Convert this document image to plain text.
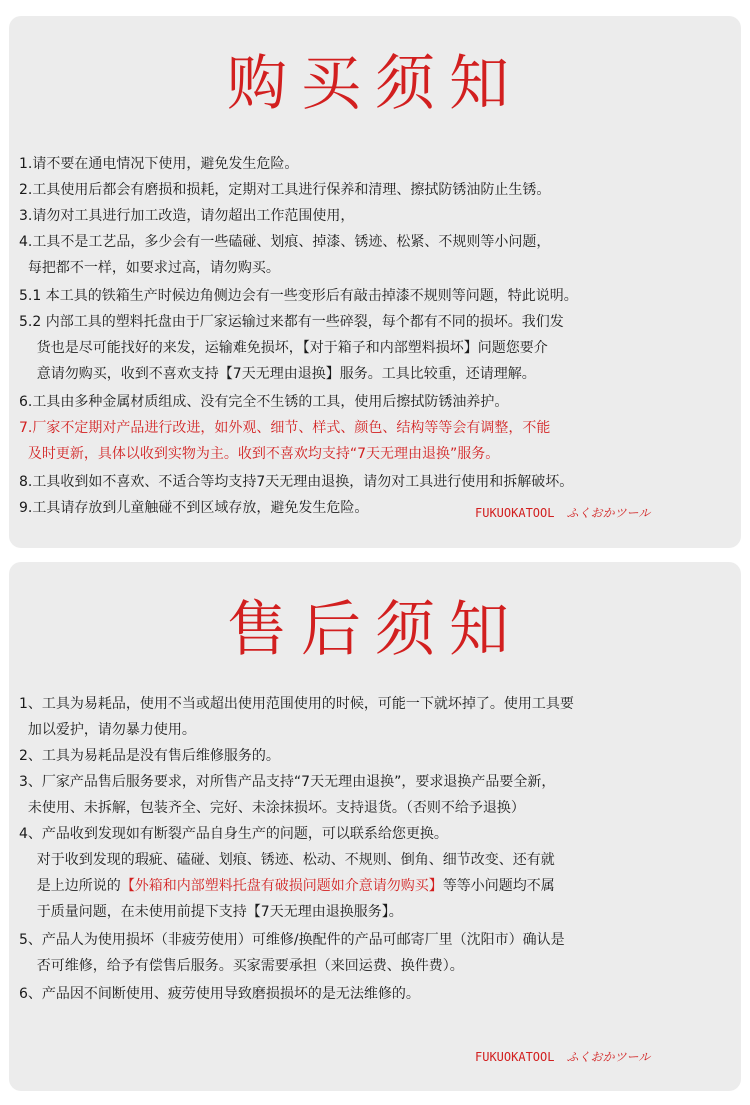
购买须知
1.请不要在通电情况下使用，避免发生危险。
2.工具使用后都会有磨损和损耗，定期对工具进行保养和清理、擦拭防锈油防止生锈。
3.请勿对工具进行加工改造，请勿超出工作范围使用，
4.工具不是工艺品，多少会有一些磕碰、划痕、掉漆、锈迹、松紧、不规则等小问题，
每把都不一样，如要求过高，请勿购买。
5.1 本工具的铁箱生产时候边角侧边会有一些变形后有敲击掉漆不规则等问题，特此说明。
5.2 内部工具的塑料托盘由于厂家运输过来都有一些碎裂，每个都有不同的损坏。我们发
货也是尽可能找好的来发，运输难免损坏，【对于箱子和内部塑料损坏】问题您要介
意请勿购买，收到不喜欢支持【7天无理由退换】服务。工具比较重，还请理解。
6.工具由多种金属材质组成、没有完全不生锈的工具，使用后擦拭防锈油养护。
7.厂家不定期对产品进行改进，如外观、细节、样式、颜色、结构等等会有调整，不能
及时更新，具体以收到实物为主。收到不喜欢均支持“7天无理由退换”服务。
8.工具收到如不喜欢、不适合等均支持7天无理由退换，请勿对工具进行使用和拆解破坏。
9.工具请存放到儿童触碰不到区域存放，避免发生危险。	FUKUOKATOOL ふくおかツール
售后须知
1、工具为易耗品，使用不当或超出使用范围使用的时候，可能一下就坏掉了。使用工具要
加以爱护，请勿暴力使用。
2、工具为易耗品是没有售后维修服务的。
3、厂家产品售后服务要求，对所售产品支持“7天无理由退换”，要求退换产品要全新，
未使用、未拆解，包装齐全、完好、未涂抹损坏。支持退货。（否则不给予退换）
4、产品收到发现如有断裂产品自身生产的问题，可以联系给您更换。
对于收到发现的瑕疵、磕碰、划痕、锈迹、松动、不规则、倒角、细节改变、还有就
是上边所说的【外箱和内部塑料托盘有破损问题如介意请勿购买】等等小问题均不属
于质量问题，在未使用前提下支持【7天无理由退换服务】。
5、产品人为使用损坏（非疲劳使用）可维修/换配件的产品可邮寄厂里（沈阳市）确认是
否可维修，给予有偿售后服务。买家需要承担（来回运费、换件费）。
6、产品因不间断使用、疲劳使用导致磨损损坏的是无法维修的。
FUKUOKATOOL ふくおかツール
